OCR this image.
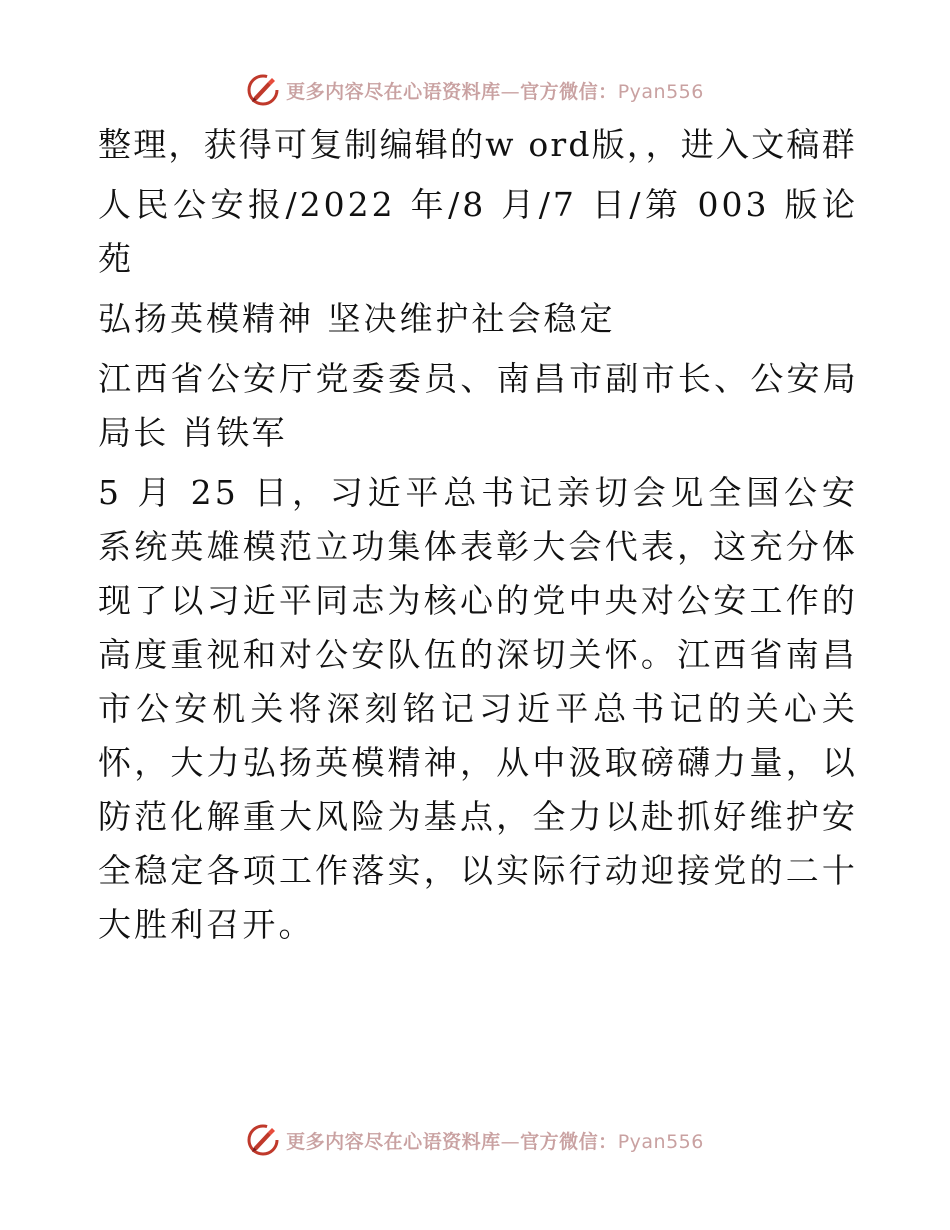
更多内容尽在心语资料库—官方微信：Pyan556

整理，获得可复制编辑的w ord版，，进入文稿群

人民公安报/2022 年/8 月/7 日/第 003 版论苑

弘扬英模精神 坚决维护社会稳定

江西省公安厅党委委员、南昌市副市长、公安局局长 肖铁军

5 月 25 日，习近平总书记亲切会见全国公安系统英雄模范立功集体表彰大会代表，这充分体现了以习近平同志为核心的党中央对公安工作的高度重视和对公安队伍的深切关怀。江西省南昌市公安机关将深刻铭记习近平总书记的关心关怀，大力弘扬英模精神，从中汲取磅礴力量，以防范化解重大风险为基点，全力以赴抓好维护安全稳定各项工作落实，以实际行动迎接党的二十大胜利召开。

更多内容尽在心语资料库—官方微信：Pyan556
